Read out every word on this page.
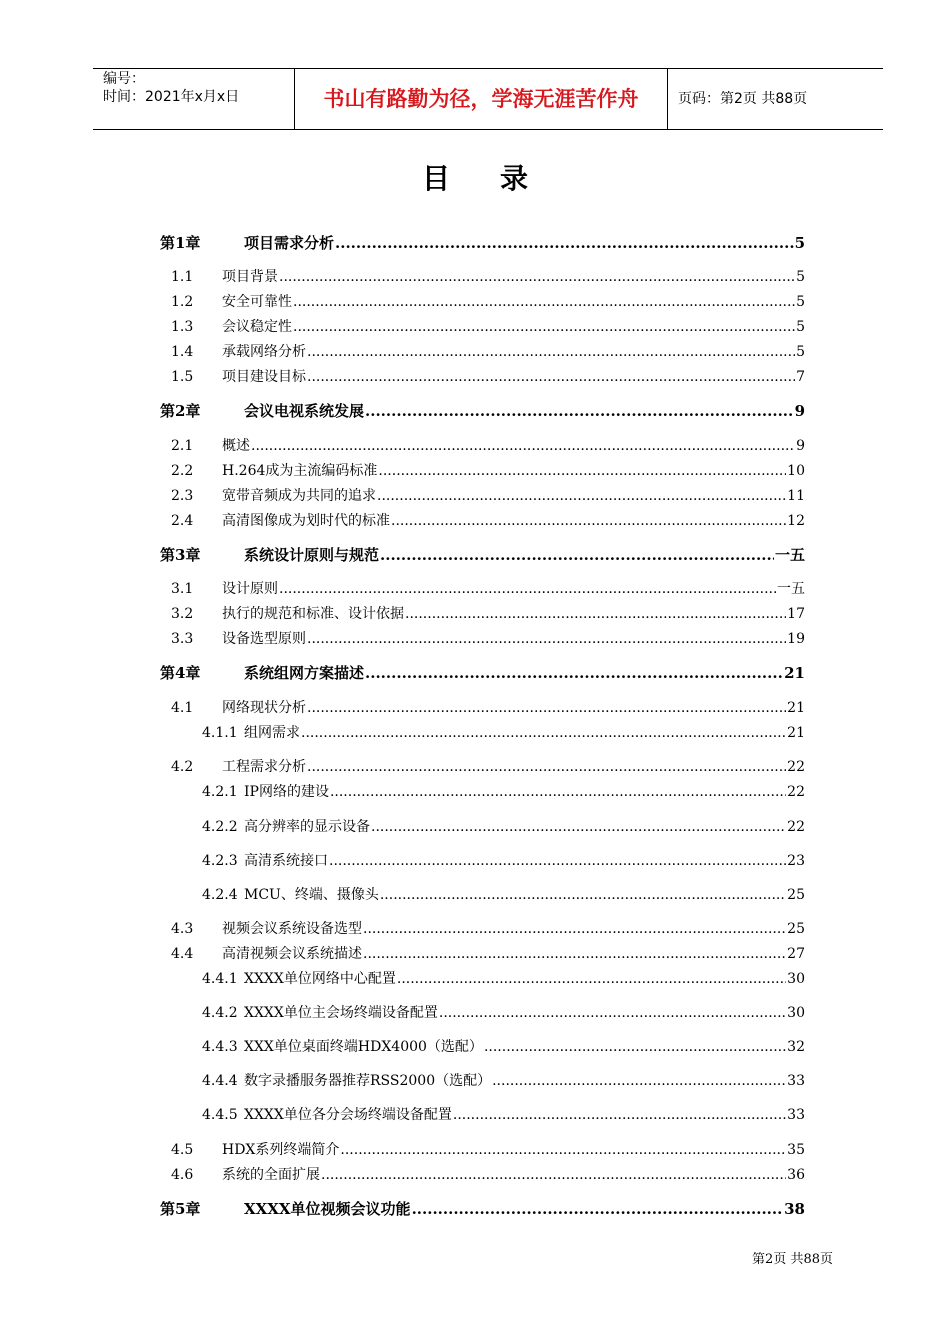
编号：
时间：2021年x月x日	书山有路勤为径，学海无涯苦作舟	页码：第2页 共88页
目录
第1章	项目需求分析 .....	5
1.1	项目背景 .....	5
1.2	安全可靠性 .....	5
1.3	会议稳定性 .....	5
1.4	承载网络分析 .....	5
1.5	项目建设目标 .....	7
第2章	会议电视系统发展 .....	9
2.1	概述 .....	9
2.2	H.264成为主流编码标准 .....	10
2.3	宽带音频成为共同的追求 .....	11
2.4	高清图像成为划时代的标准 .....	12
第3章	系统设计原则与规范 .....	一五
3.1	设计原则 .....	一五
3.2	执行的规范和标准、设计依据 .....	17
3.3	设备选型原则 .....	19
第4章	系统组网方案描述 .....	21
4.1	网络现状分析 .....	21
4.1.1 组网需求 .....	21
4.2	工程需求分析 .....	22
4.2.1 IP网络的建设 .....	22
4.2.2 高分辨率的显示设备 .....	22
4.2.3 高清系统接口 .....	23
4.2.4 MCU、终端、摄像头 .....	25
4.3	视频会议系统设备选型 .....	25
4.4	高清视频会议系统描述 .....	27
4.4.1 XXXX单位网络中心配置 .....	30
4.4.2 XXXX单位主会场终端设备配置 .....	30
4.4.3 XXX单位桌面终端HDX4000（选配） .....	32
4.4.4 数字录播服务器推荐RSS2000（选配） .....	33
4.4.5 XXXX单位各分会场终端设备配置 .....	33
4.5	HDX系列终端简介 .....	35
4.6	系统的全面扩展 .....	36
第5章	XXXX单位视频会议功能 .....	38
第2页 共88页
